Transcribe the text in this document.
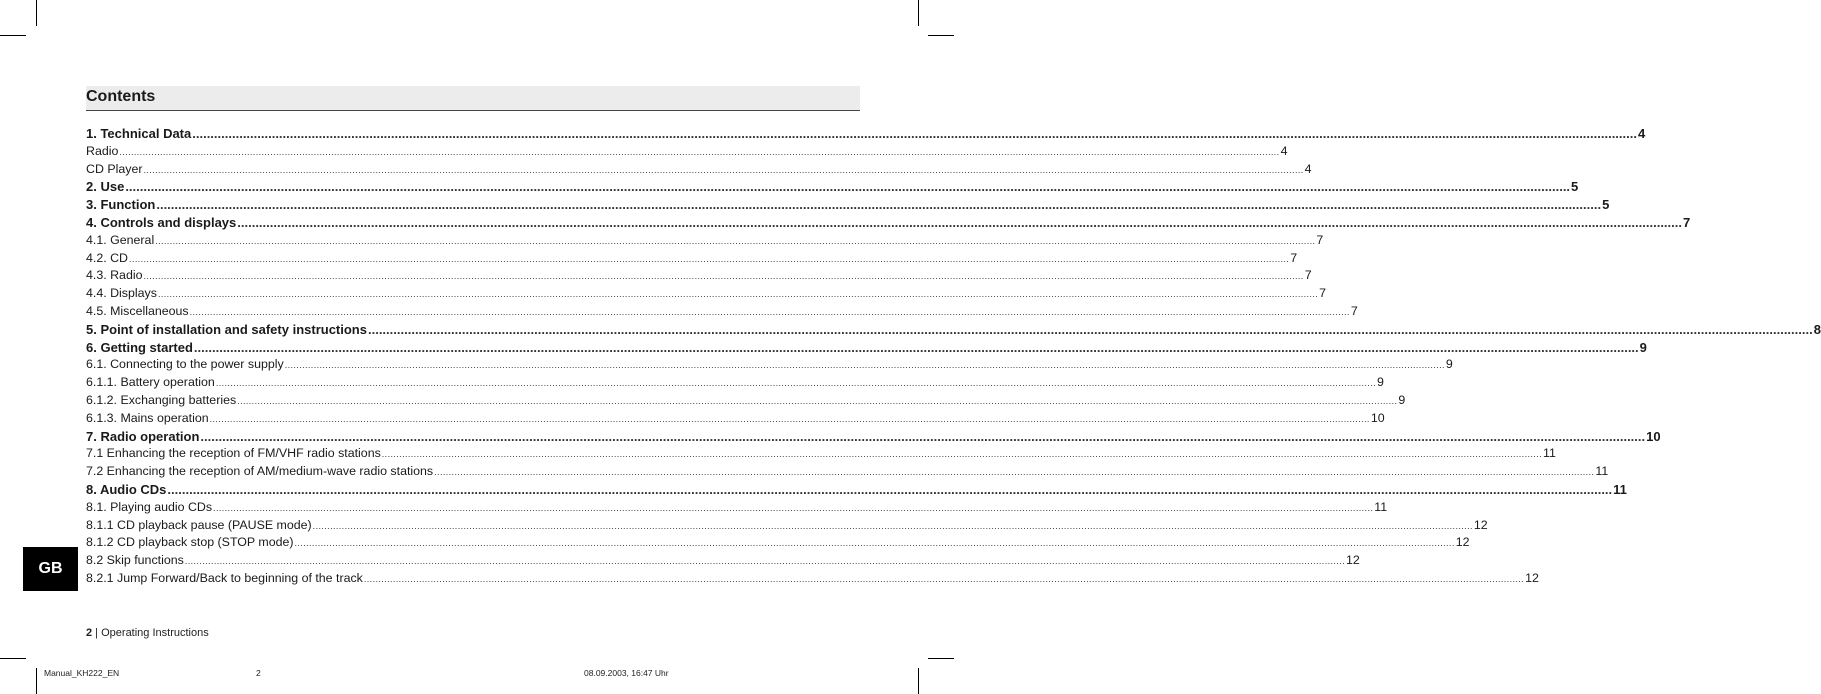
Contents
1. Technical Data ................................................................................................................................................................................................................................................................................................................................................................................................................ 4
Radio ................................................................................................................................................................................................................................................................................................................................................................................................................ 4
CD Player ................................................................................................................................................................................................................................................................................................................................................................................................................ 4
2. Use ................................................................................................................................................................................................................................................................................................................................................................................................................ 5
3. Function ................................................................................................................................................................................................................................................................................................................................................................................................................ 5
4. Controls and displays ................................................................................................................................................................................................................................................................................................................................................................................................................ 7
4.1. General ................................................................................................................................................................................................................................................................................................................................................................................................................ 7
4.2. CD ................................................................................................................................................................................................................................................................................................................................................................................................................ 7
4.3. Radio ................................................................................................................................................................................................................................................................................................................................................................................................................ 7
4.4. Displays ................................................................................................................................................................................................................................................................................................................................................................................................................ 7
4.5. Miscellaneous ................................................................................................................................................................................................................................................................................................................................................................................................................ 7
5. Point of installation and safety instructions ................................................................................................................................................................................................................................................................................................................................................................................................................ 8
6. Getting started ................................................................................................................................................................................................................................................................................................................................................................................................................ 9
6.1. Connecting to the power supply ................................................................................................................................................................................................................................................................................................................................................................................................................ 9
6.1.1. Battery operation ................................................................................................................................................................................................................................................................................................................................................................................................................ 9
6.1.2. Exchanging batteries ................................................................................................................................................................................................................................................................................................................................................................................................................ 9
6.1.3. Mains operation ................................................................................................................................................................................................................................................................................................................................................................................................................ 10
7. Radio operation ................................................................................................................................................................................................................................................................................................................................................................................................................ 10
7.1 Enhancing the reception of FM/VHF radio stations ................................................................................................................................................................................................................................................................................................................................................................................................................ 11
7.2 Enhancing the reception of AM/medium-wave radio stations ................................................................................................................................................................................................................................................................................................................................................................................................................ 11
8. Audio CDs ................................................................................................................................................................................................................................................................................................................................................................................................................ 11
8.1. Playing audio CDs ................................................................................................................................................................................................................................................................................................................................................................................................................ 11
8.1.1 CD playback pause (PAUSE mode) ................................................................................................................................................................................................................................................................................................................................................................................................................ 12
8.1.2 CD playback stop (STOP mode) ................................................................................................................................................................................................................................................................................................................................................................................................................ 12
8.2 Skip functions ................................................................................................................................................................................................................................................................................................................................................................................................................ 12
8.2.1 Jump Forward/Back to beginning of the track ................................................................................................................................................................................................................................................................................................................................................................................................................ 12
GB
2 | Operating Instructions
Manual_KH222_EN	2	08.09.2003, 16:47 Uhr
